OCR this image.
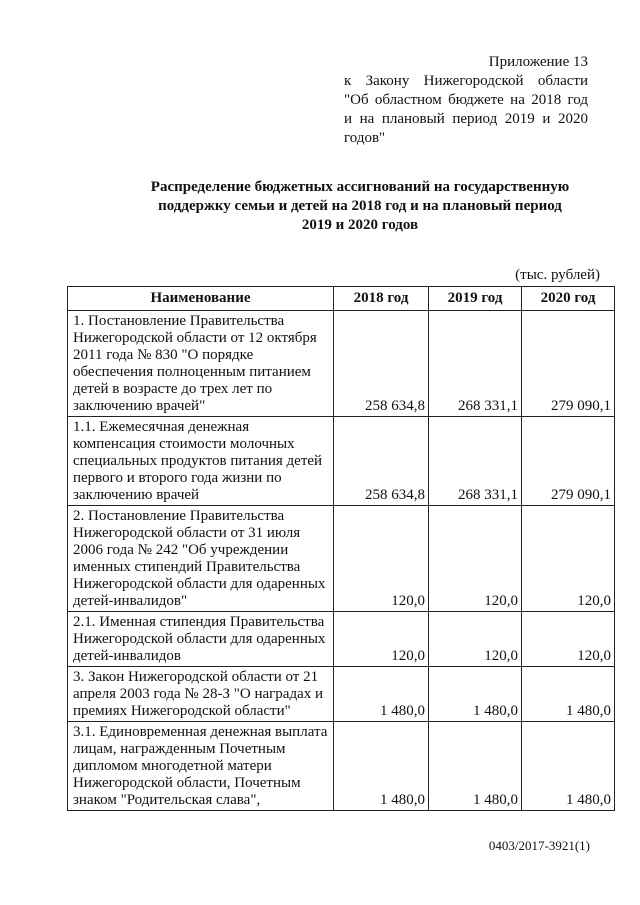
Приложение 13
к Закону Нижегородской области
"Об областном бюджете на 2018 год
и на плановый период 2019 и 2020
годов"
Распределение бюджетных ассигнований на государственную
поддержку семьи и детей на 2018 год и на плановый период
2019 и 2020 годов
(тыс. рублей)
Наименование	2018 год	2019 год	2020 год
1. Постановление Правительства Нижегородской области от 12 октября 2011 года № 830 "О порядке обеспечения полноценным питанием детей в возрасте до трех лет по заключению врачей"	258 634,8	268 331,1	279 090,1
1.1. Ежемесячная денежная компенсация стоимости молочных специальных продуктов питания детей первого и второго года жизни по заключению врачей	258 634,8	268 331,1	279 090,1
2. Постановление Правительства Нижегородской области от 31 июля 2006 года № 242 "Об учреждении именных стипендий Правительства Нижегородской области для одаренных детей-инвалидов"	120,0	120,0	120,0
2.1. Именная стипендия Правительства Нижегородской области для одаренных детей-инвалидов	120,0	120,0	120,0
3. Закон Нижегородской области от 21 апреля 2003 года № 28-З "О наградах и премиях Нижегородской области"	1 480,0	1 480,0	1 480,0
3.1. Единовременная денежная выплата лицам, награжденным Почетным дипломом многодетной матери Нижегородской области, Почетным знаком "Родительская слава",	1 480,0	1 480,0	1 480,0
0403/2017-3921(1)
